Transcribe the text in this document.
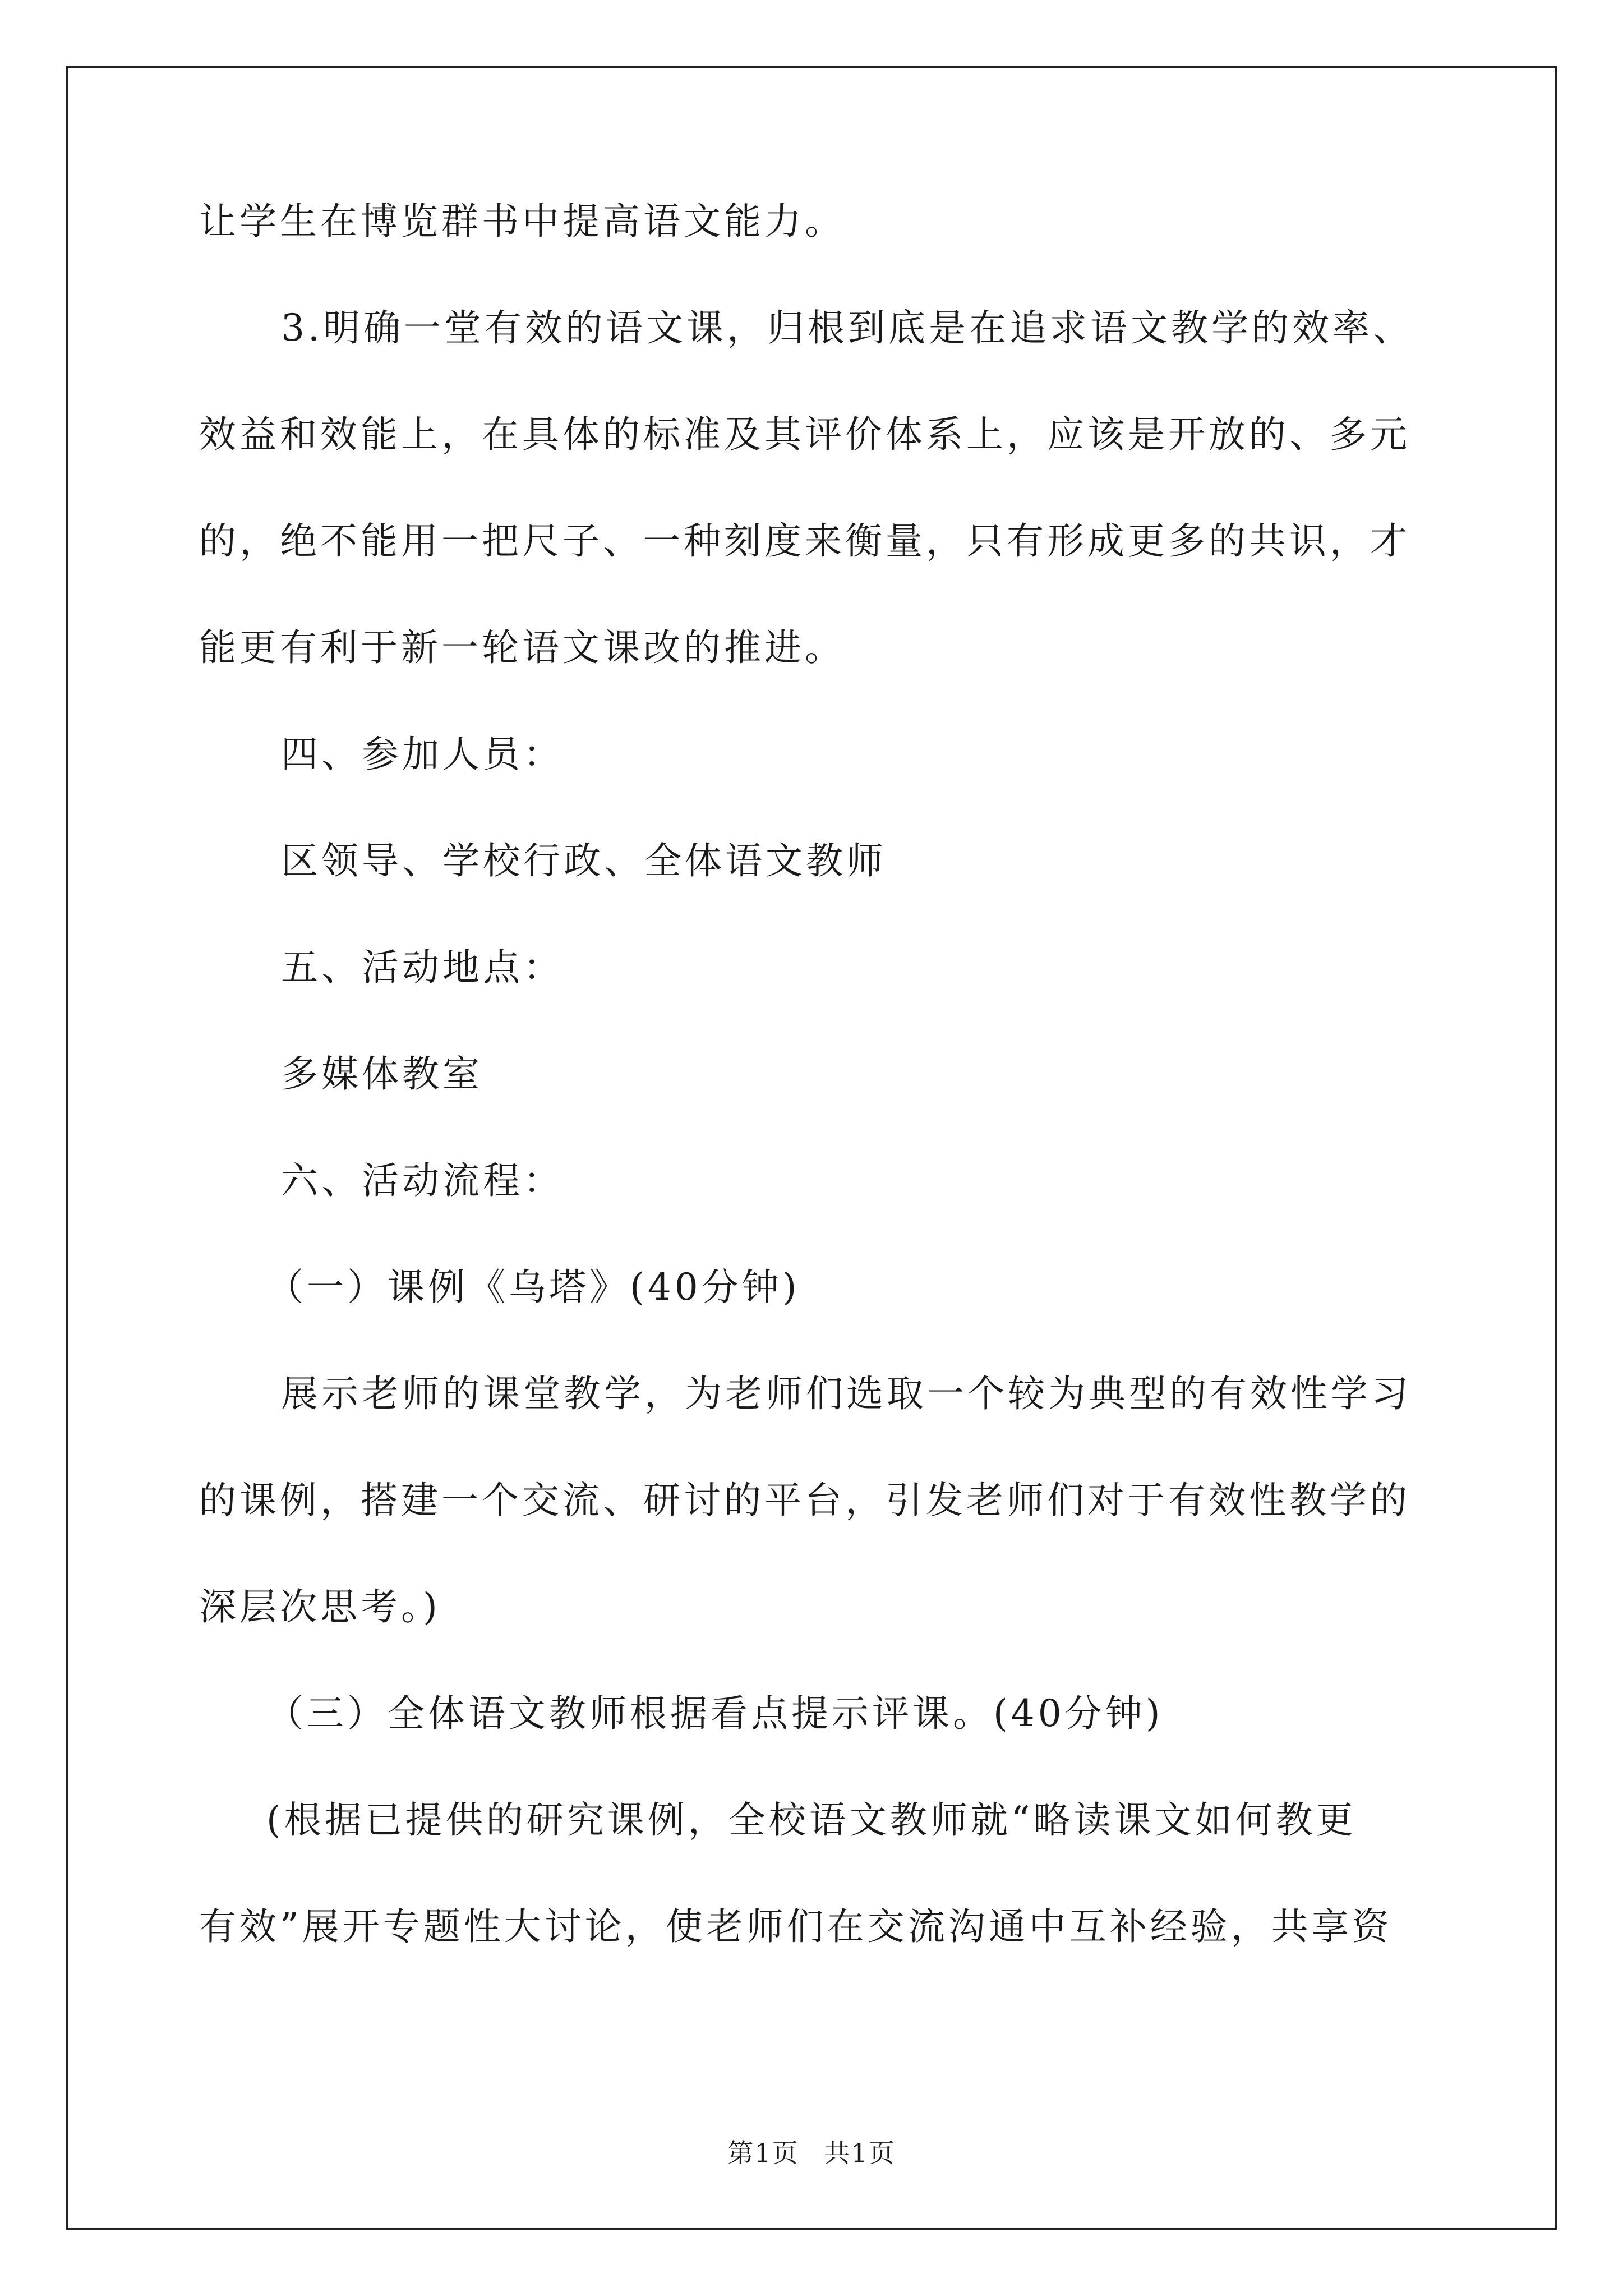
让学生在博览群书中提高语文能力。
3.明确一堂有效的语文课，归根到底是在追求语文教学的效率、
效益和效能上，在具体的标准及其评价体系上，应该是开放的、多元
的，绝不能用一把尺子、一种刻度来衡量，只有形成更多的共识，才
能更有利于新一轮语文课改的推进。
四、参加人员：
区领导、学校行政、全体语文教师
五、活动地点：
多媒体教室
六、活动流程：
（一）课例《乌塔》(40分钟)
展示老师的课堂教学，为老师们选取一个较为典型的有效性学习
的课例，搭建一个交流、研讨的平台，引发老师们对于有效性教学的
深层次思考。)
（三）全体语文教师根据看点提示评课。(40分钟)
(根据已提供的研究课例，全校语文教师就“略读课文如何教更
有效”展开专题性大讨论，使老师们在交流沟通中互补经验，共享资
第1页 共1页
